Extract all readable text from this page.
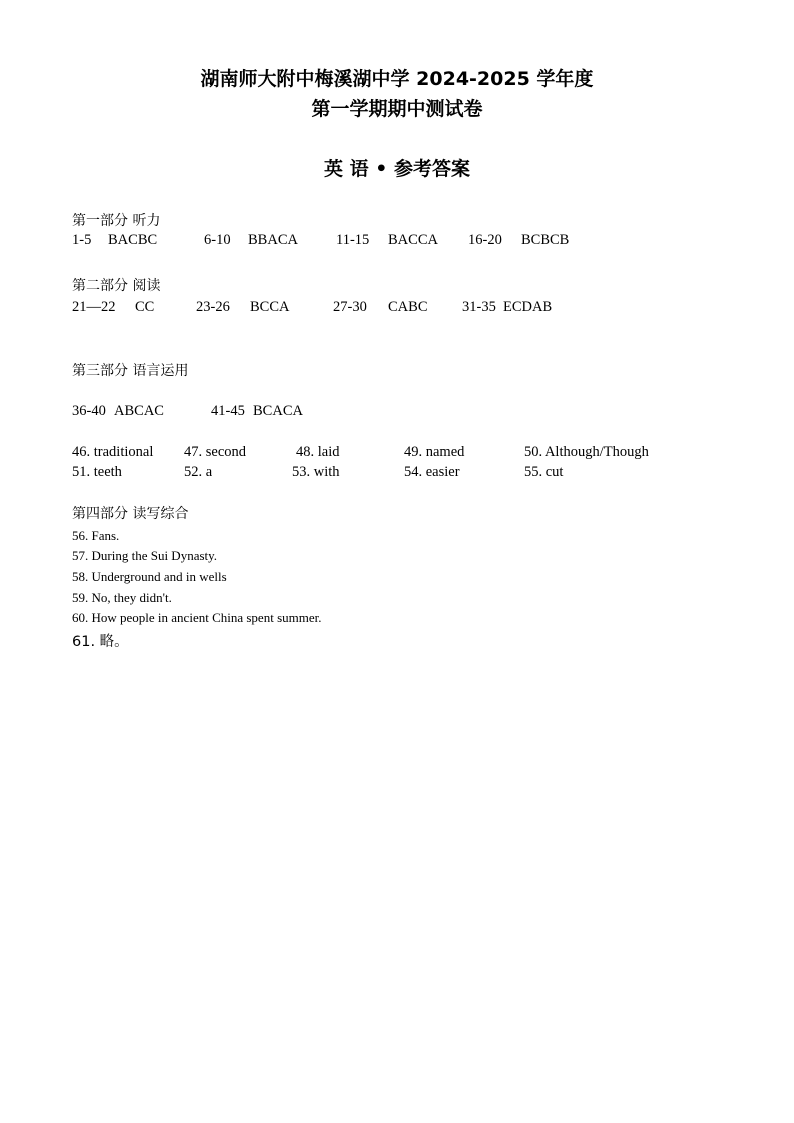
湖南师大附中梅溪湖中学 2024-2025 学年度
第一学期期中测试卷
英 语 • 参考答案
第一部分 听力
1-5 BACBC	6-10 BBACA	11-15 BACCA 16-20 BCBCB
第二部分 阅读
21—22 CC	23-26 BCCA	27-30 CABC 31-35 ECDAB
第三部分 语言运用
36-40 ABCAC	41-45 BCACA
46. traditional 47. second	48. laid	49. named	50. Although/Though
51. teeth	52. a	53. with	54. easier	55. cut
第四部分 读写综合
56. Fans.
57. During the Sui Dynasty.
58. Underground and in wells
59. No, they didn't.
60. How people in ancient China spent summer.
61. 略。
